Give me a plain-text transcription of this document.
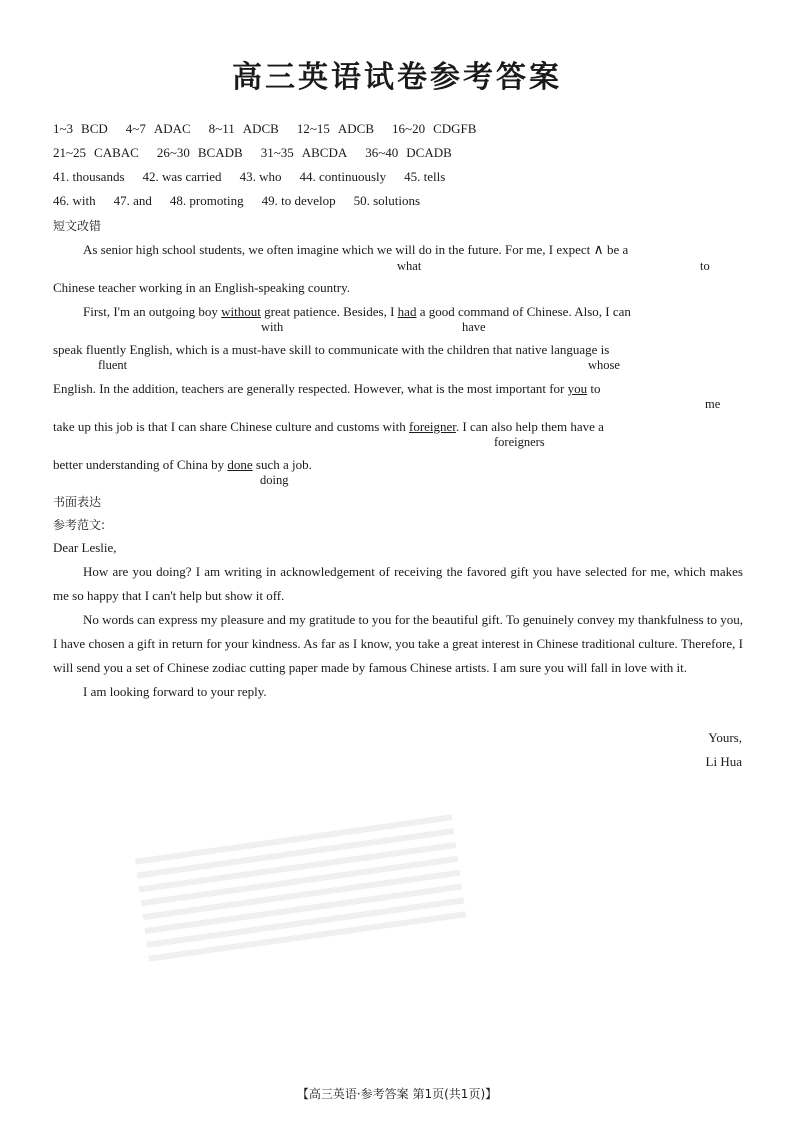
高三英语试卷参考答案
1~3 BCD 4~7 ADAC 8~11 ADCB 12~15 ADCB 16~20 CDGFB
21~25 CABAC 26~30 BCADB 31~35 ABCDA 36~40 DCADB
41. thousands 42. was carried 43. who 44. continuously 45. tells
46. with 47. and 48. promoting 49. to develop 50. solutions
短文改错
As senior high school students, we often imagine which we will do in the future. For me, I expect ∧ be a
what	to
Chinese teacher working in an English-speaking country.
First, I'm an outgoing boy without great patience. Besides, I had a good command of Chinese. Also, I can
with	have
speak fluently English, which is a must-have skill to communicate with the children that native language is
fluent	whose
English. In the addition, teachers are generally respected. However, what is the most important for you to
me
take up this job is that I can share Chinese culture and customs with foreigner. I can also help them have a
foreigners
better understanding of China by done such a job.
doing
书面表达
参考范文:
Dear Leslie,

How are you doing? I am writing in acknowledgement of receiving the favored gift you have selected for me, which makes me so happy that I can't help but show it off.

No words can express my pleasure and my gratitude to you for the beautiful gift. To genuinely convey my thankfulness to you, I have chosen a gift in return for your kindness. As far as I know, you take a great interest in Chinese traditional culture. Therefore, I will send you a set of Chinese zodiac cutting paper made by famous Chinese artists. I am sure you will fall in love with it.

I am looking forward to your reply.

Yours,
Li Hua
【高三英语·参考答案 第1页(共1页)】
